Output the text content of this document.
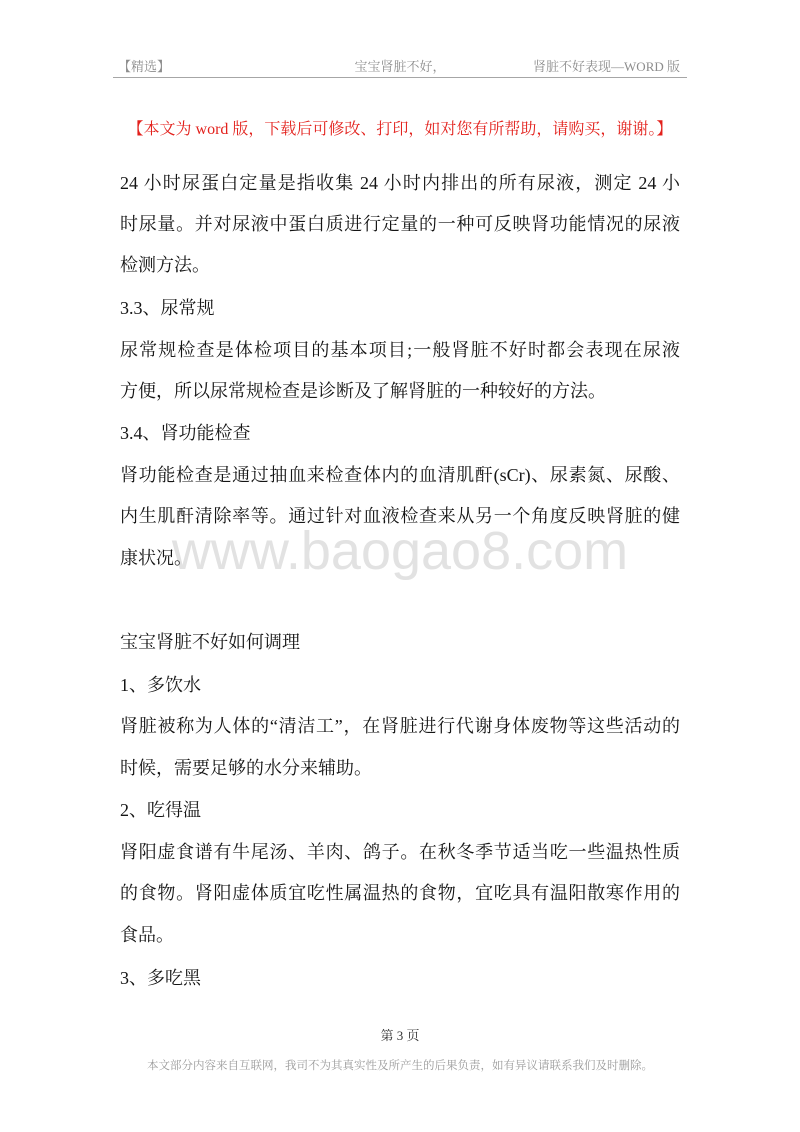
【精选】	宝宝肾脏不好，	肾脏不好表现—WORD 版
【本文为 word 版，下载后可修改、打印，如对您有所帮助，请购买，谢谢。】
www.baogao8.com
24 小时尿蛋白定量是指收集 24 小时内排出的所有尿液，测定 24 小
时尿量。并对尿液中蛋白质进行定量的一种可反映肾功能情况的尿液
检测方法。
3.3、尿常规
尿常规检查是体检项目的基本项目;一般肾脏不好时都会表现在尿液
方便，所以尿常规检查是诊断及了解肾脏的一种较好的方法。
3.4、肾功能检查
肾功能检查是通过抽血来检查体内的血清肌酐(sCr)、尿素氮、尿酸、
内生肌酐清除率等。通过针对血液检查来从另一个角度反映肾脏的健
康状况。
宝宝肾脏不好如何调理
1、多饮水
肾脏被称为人体的“清洁工”，在肾脏进行代谢身体废物等这些活动的
时候，需要足够的水分来辅助。
2、吃得温
肾阳虚食谱有牛尾汤、羊肉、鸽子。在秋冬季节适当吃一些温热性质
的食物。肾阳虚体质宜吃性属温热的食物，宜吃具有温阳散寒作用的
食品。
3、多吃黑
第 3 页
本文部分内容来自互联网，我司不为其真实性及所产生的后果负责，如有异议请联系我们及时删除。
